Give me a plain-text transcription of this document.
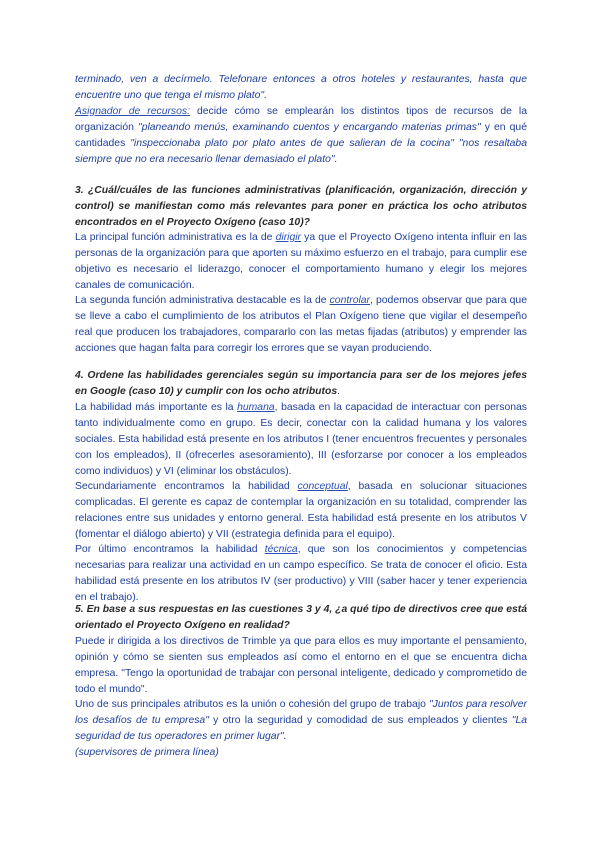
terminado, ven a decírmelo. Telefonare entonces a otros hoteles y restaurantes, hasta que encuentre uno que tenga el mismo plato".

Asignador de recursos: decide cómo se emplearán los distintos tipos de recursos de la organización "planeando menús, examinando cuentos y encargando materias primas" y en qué cantidades "inspeccionaba plato por plato antes de que salieran de la cocina" "nos resaltaba siempre que no era necesario llenar demasiado el plato".

3. ¿Cuál/cuáles de las funciones administrativas (planificación, organización, dirección y control) se manifiestan como más relevantes para poner en práctica los ocho atributos encontrados en el Proyecto Oxígeno (caso 10)?

La principal función administrativa es la de dirigir ya que el Proyecto Oxígeno intenta influir en las personas de la organización para que aporten su máximo esfuerzo en el trabajo, para cumplir ese objetivo es necesario el liderazgo, conocer el comportamiento humano y elegir los mejores canales de comunicación.

La segunda función administrativa destacable es la de controlar, podemos observar que para que se lleve a cabo el cumplimiento de los atributos el Plan Oxígeno tiene que vigilar el desempeño real que producen los trabajadores, compararlo con las metas fijadas (atributos) y emprender las acciones que hagan falta para corregir los errores que se vayan produciendo.

4. Ordene las habilidades gerenciales según su importancia para ser de los mejores jefes en Google (caso 10) y cumplir con los ocho atributos.

La habilidad más importante es la humana, basada en la capacidad de interactuar con personas tanto individualmente como en grupo. Es decir, conectar con la calidad humana y los valores sociales. Esta habilidad está presente en los atributos I (tener encuentros frecuentes y personales con los empleados), II (ofrecerles asesoramiento), III (esforzarse por conocer a los empleados como individuos) y VI (eliminar los obstáculos).

Secundariamente encontramos la habilidad conceptual, basada en solucionar situaciones complicadas. El gerente es capaz de contemplar la organización en su totalidad, comprender las relaciones entre sus unidades y entorno general. Esta habilidad está presente en los atributos V (fomentar el diálogo abierto) y VII (estrategia definida para el equipo).

Por último encontramos la habilidad técnica, que son los conocimientos y competencias necesarias para realizar una actividad en un campo específico. Se trata de conocer el oficio. Esta habilidad está presente en los atributos IV (ser productivo) y VIII (saber hacer y tener experiencia en el trabajo).

5. En base a sus respuestas en las cuestiones 3 y 4, ¿a qué tipo de directivos cree que está orientado el Proyecto Oxígeno en realidad?

Puede ir dirigida a los directivos de Trimble ya que para ellos es muy importante el pensamiento, opinión y cómo se sienten sus empleados así como el entorno en el que se encuentra dicha empresa. "Tengo la oportunidad de trabajar con personal inteligente, dedicado y comprometido de todo el mundo".

Uno de sus principales atributos es la unión o cohesión del grupo de trabajo "Juntos para resolver los desafíos de tu empresa" y otro la seguridad y comodidad de sus empleados y clientes "La seguridad de tus operadores en primer lugar".

(supervisores de primera línea)
